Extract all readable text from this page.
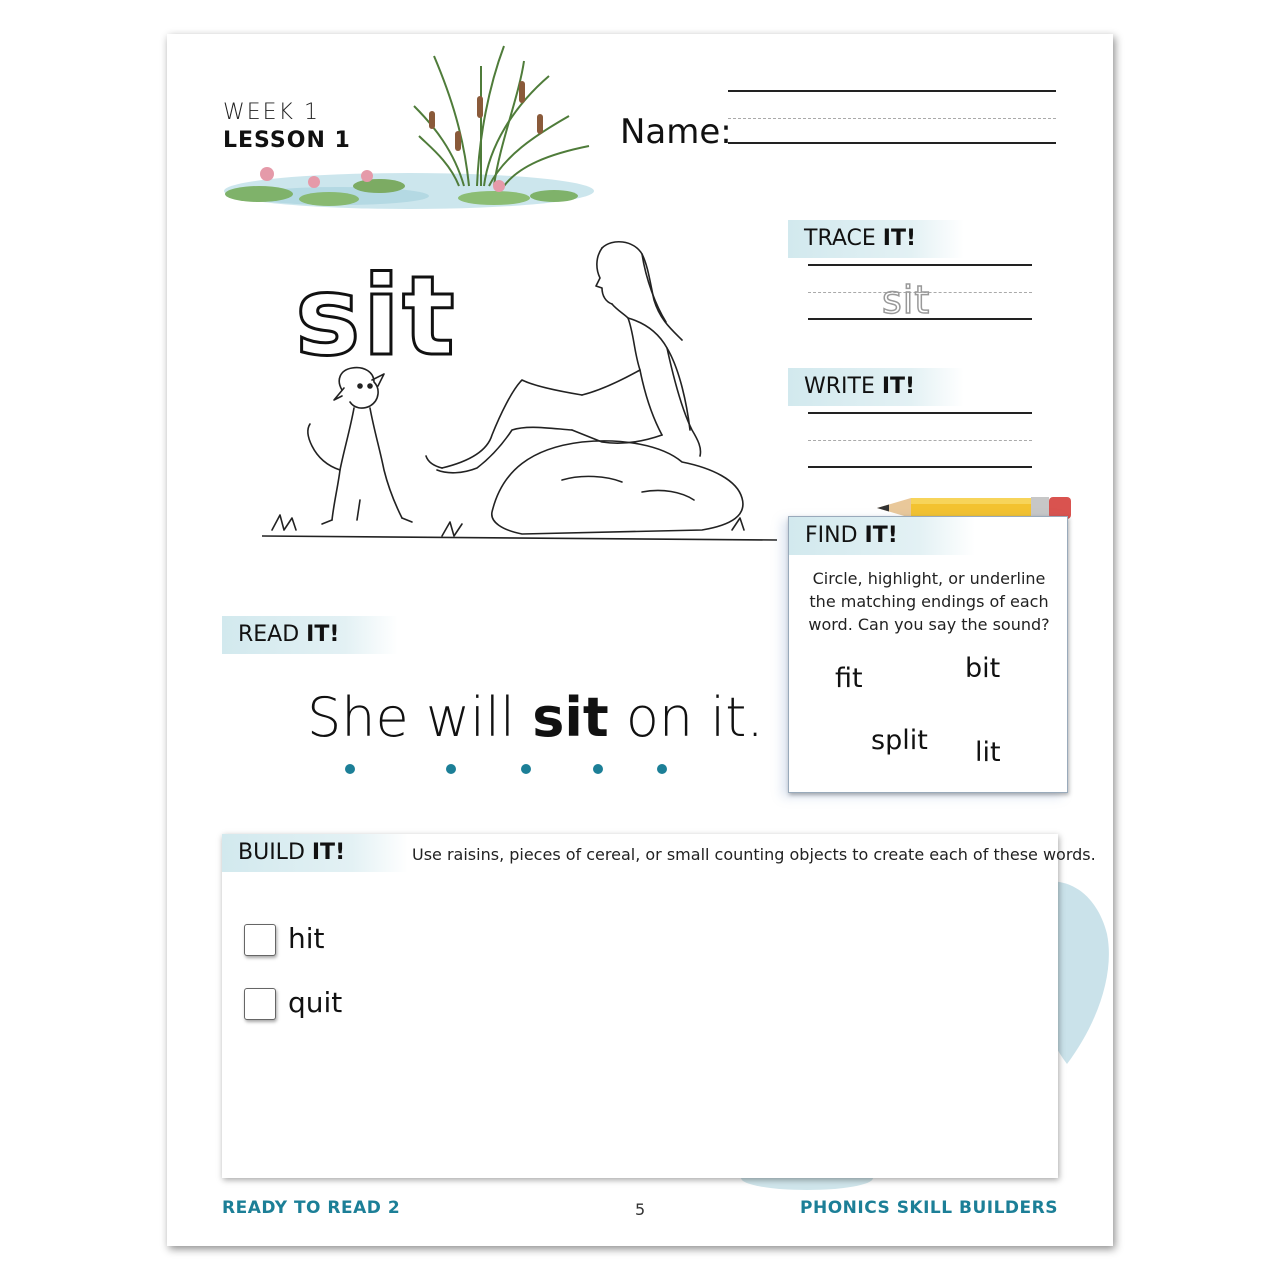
WEEK 1
LESSON 1	Name:
TRACE IT!
sit
WRITE IT!
sit
FIND IT!
Circle, highlight, or underline the matching endings of each word. Can you say the sound?
fit	bit
split lit
READ IT!
She will sit on it.
BUILD IT!	Use raisins, pieces of cereal, or small counting objects to create each of these words.
hit
quit
READY TO READ 2	5	PHONICS SKILL BUILDERS
